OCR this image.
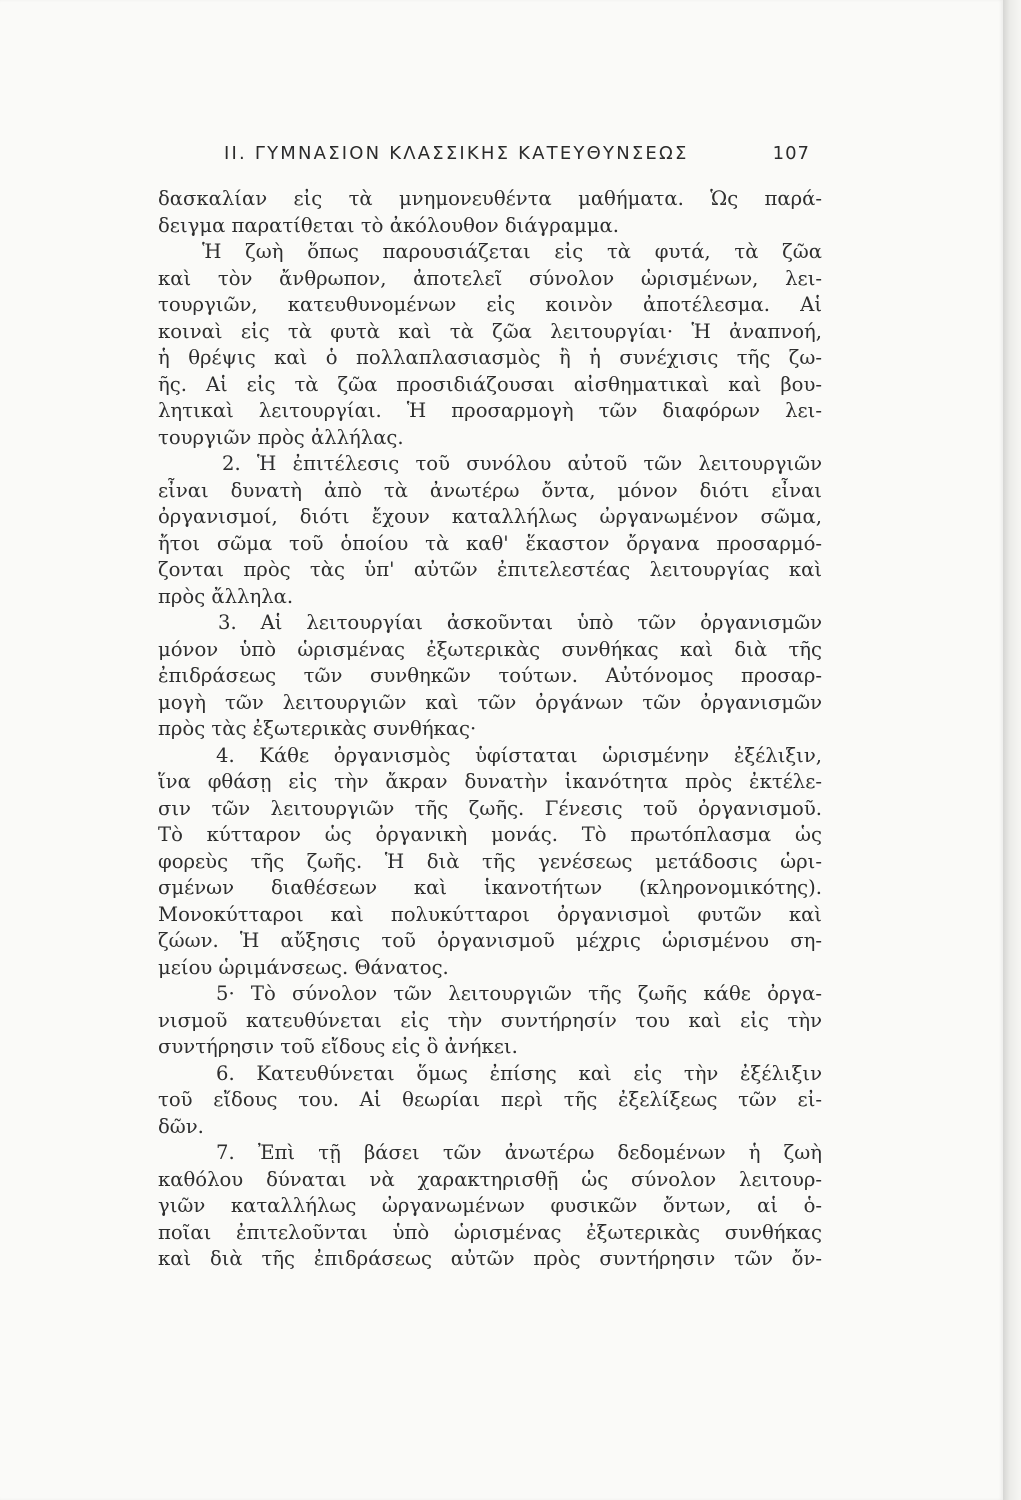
ΙΙ. ΓΥΜΝΑΣΙΟΝ ΚΛΑΣΣΙΚΗΣ ΚΑΤΕΥΘΥΝΣΕΩΣ	107
δασκαλίαν εἰς τὰ μνημονευθέντα μαθήματα. Ὡς παρά-
δειγμα παρατίθεται τὸ ἀκόλουθον διάγραμμα.
Ἡ ζωὴ ὅπως παρουσιάζεται εἰς τὰ φυτά, τὰ ζῶα
καὶ τὸν ἄνθρωπον, ἀποτελεῖ σύνολον ὡρισμένων, λει-
τουργιῶν, κατευθυνομένων εἰς κοινὸν ἀποτέλεσμα. Αἱ
κοιναὶ εἰς τὰ φυτὰ καὶ τὰ ζῶα λειτουργίαι· Ἡ ἀναπνοή,
ἡ θρέψις καὶ ὁ πολλαπλασιασμὸς ἢ ἡ συνέχισις τῆς ζω-
ῆς. Αἱ εἰς τὰ ζῶα προσιδιάζουσαι αἰσθηματικαὶ καὶ βου-
λητικαὶ λειτουργίαι. Ἡ προσαρμογὴ τῶν διαφόρων λει-
τουργιῶν πρὸς ἀλλήλας.
2. Ἡ ἐπιτέλεσις τοῦ συνόλου αὐτοῦ τῶν λειτουργιῶν
εἶναι δυνατὴ ἀπὸ τὰ ἀνωτέρω ὄντα, μόνον διότι εἶναι
ὀργανισμοί, διότι ἔχουν καταλλήλως ὠργανωμένον σῶμα,
ἤτοι σῶμα τοῦ ὁποίου τὰ καθ' ἕκαστον ὄργανα προσαρμό-
ζονται πρὸς τὰς ὑπ' αὐτῶν ἐπιτελεστέας λειτουργίας καὶ
πρὸς ἄλληλα.
3. Αἱ λειτουργίαι ἀσκοῦνται ὑπὸ τῶν ὀργανισμῶν
μόνον ὑπὸ ὡρισμένας ἐξωτερικὰς συνθήκας καὶ διὰ τῆς
ἐπιδράσεως τῶν συνθηκῶν τούτων. Αὐτόνομος προσαρ-
μογὴ τῶν λειτουργιῶν καὶ τῶν ὀργάνων τῶν ὀργανισμῶν
πρὸς τὰς ἐξωτερικὰς συνθήκας·
4. Κάθε ὀργανισμὸς ὑφίσταται ὡρισμένην ἐξέλιξιν,
ἵνα φθάσῃ εἰς τὴν ἄκραν δυνατὴν ἱκανότητα πρὸς ἐκτέλε-
σιν τῶν λειτουργιῶν τῆς ζωῆς. Γένεσις τοῦ ὀργανισμοῦ.
Τὸ κύτταρον ὡς ὀργανικὴ μονάς. Τὸ πρωτόπλασμα ὡς
φορεὺς τῆς ζωῆς. Ἡ διὰ τῆς γενέσεως μετάδοσις ὡρι-
σμένων διαθέσεων καὶ ἱκανοτήτων (κληρονομικότης).
Μονοκύτταροι καὶ πολυκύτταροι ὀργανισμοὶ φυτῶν καὶ
ζώων. Ἡ αὔξησις τοῦ ὀργανισμοῦ μέχρις ὡρισμένου ση-
μείου ὡριμάνσεως. Θάνατος.
5· Τὸ σύνολον τῶν λειτουργιῶν τῆς ζωῆς κάθε ὀργα-
νισμοῦ κατευθύνεται εἰς τὴν συντήρησίν του καὶ εἰς τὴν
συντήρησιν τοῦ εἴδους εἰς ὃ ἀνήκει.
6. Κατευθύνεται ὅμως ἐπίσης καὶ εἰς τὴν ἐξέλιξιν
τοῦ εἴδους του. Αἱ θεωρίαι περὶ τῆς ἐξελίξεως τῶν εἰ-
δῶν.
7. Ἐπὶ τῇ βάσει τῶν ἀνωτέρω δεδομένων ἡ ζωὴ
καθόλου δύναται νὰ χαρακτηρισθῇ ὡς σύνολον λειτουρ-
γιῶν καταλλήλως ὠργανωμένων φυσικῶν ὄντων, αἱ ὁ-
ποῖαι ἐπιτελοῦνται ὑπὸ ὡρισμένας ἐξωτερικὰς συνθήκας
καὶ διὰ τῆς ἐπιδράσεως αὐτῶν πρὸς συντήρησιν τῶν ὄν-
